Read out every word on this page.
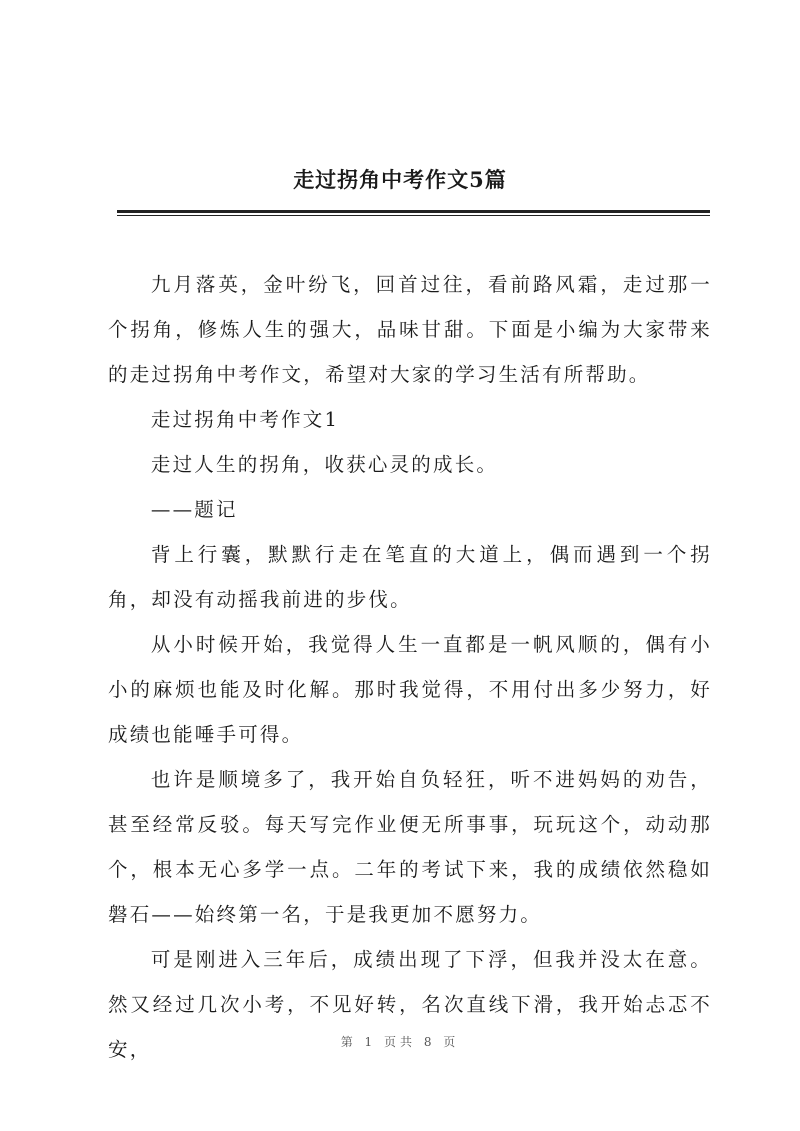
走过拐角中考作文5篇

九月落英，金叶纷飞，回首过往，看前路风霜，走过那一个拐角，修炼人生的强大，品味甘甜。下面是小编为大家带来的走过拐角中考作文，希望对大家的学习生活有所帮助。

走过拐角中考作文1

走过人生的拐角，收获心灵的成长。

——题记

背上行囊，默默行走在笔直的大道上，偶而遇到一个拐角，却没有动摇我前进的步伐。

从小时候开始，我觉得人生一直都是一帆风顺的，偶有小小的麻烦也能及时化解。那时我觉得，不用付出多少努力，好成绩也能唾手可得。

也许是顺境多了，我开始自负轻狂，听不进妈妈的劝告，甚至经常反驳。每天写完作业便无所事事，玩玩这个，动动那个，根本无心多学一点。二年的考试下来，我的成绩依然稳如磐石——始终第一名，于是我更加不愿努力。

可是刚进入三年后，成绩出现了下浮，但我并没太在意。然又经过几次小考，不见好转，名次直线下滑，我开始忐忑不安，	第 1 页共 8 页
